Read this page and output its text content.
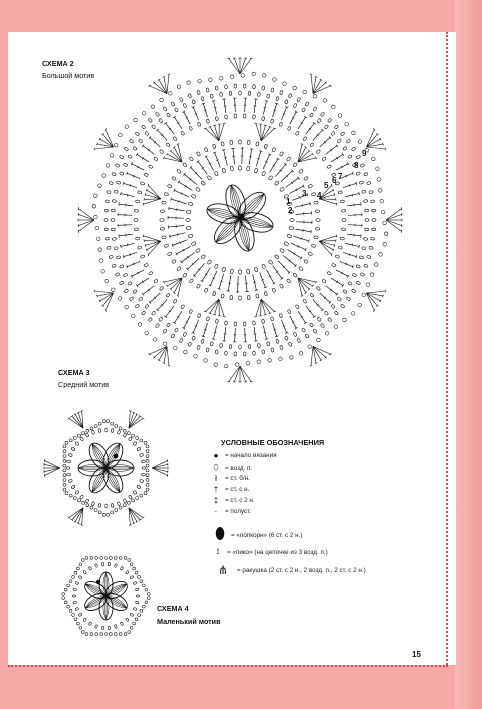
СХЕМА 2
Большой мотив
1
2
3 4
5
6 7
8
9
СХЕМА 3
Средний мотив
УСЛОВНЫЕ ОБОЗНАЧЕНИЯ
●	= начало вязания
⬯	= возд. п.
ł	= ст. б/н.
†	= ст. с н.
‡	= ст. с 2 н.
·	= полуст.
⬮ = «попкорн» (6 ст. с 2 н.)
⟟	= «пико» (на цепочке из 3 возд. п.)
⋔	= ракушка (2 ст. с 2 н., 2 возд. п., 2 ст. с 2 н.)
СХЕМА 4
Маленький мотив
15
